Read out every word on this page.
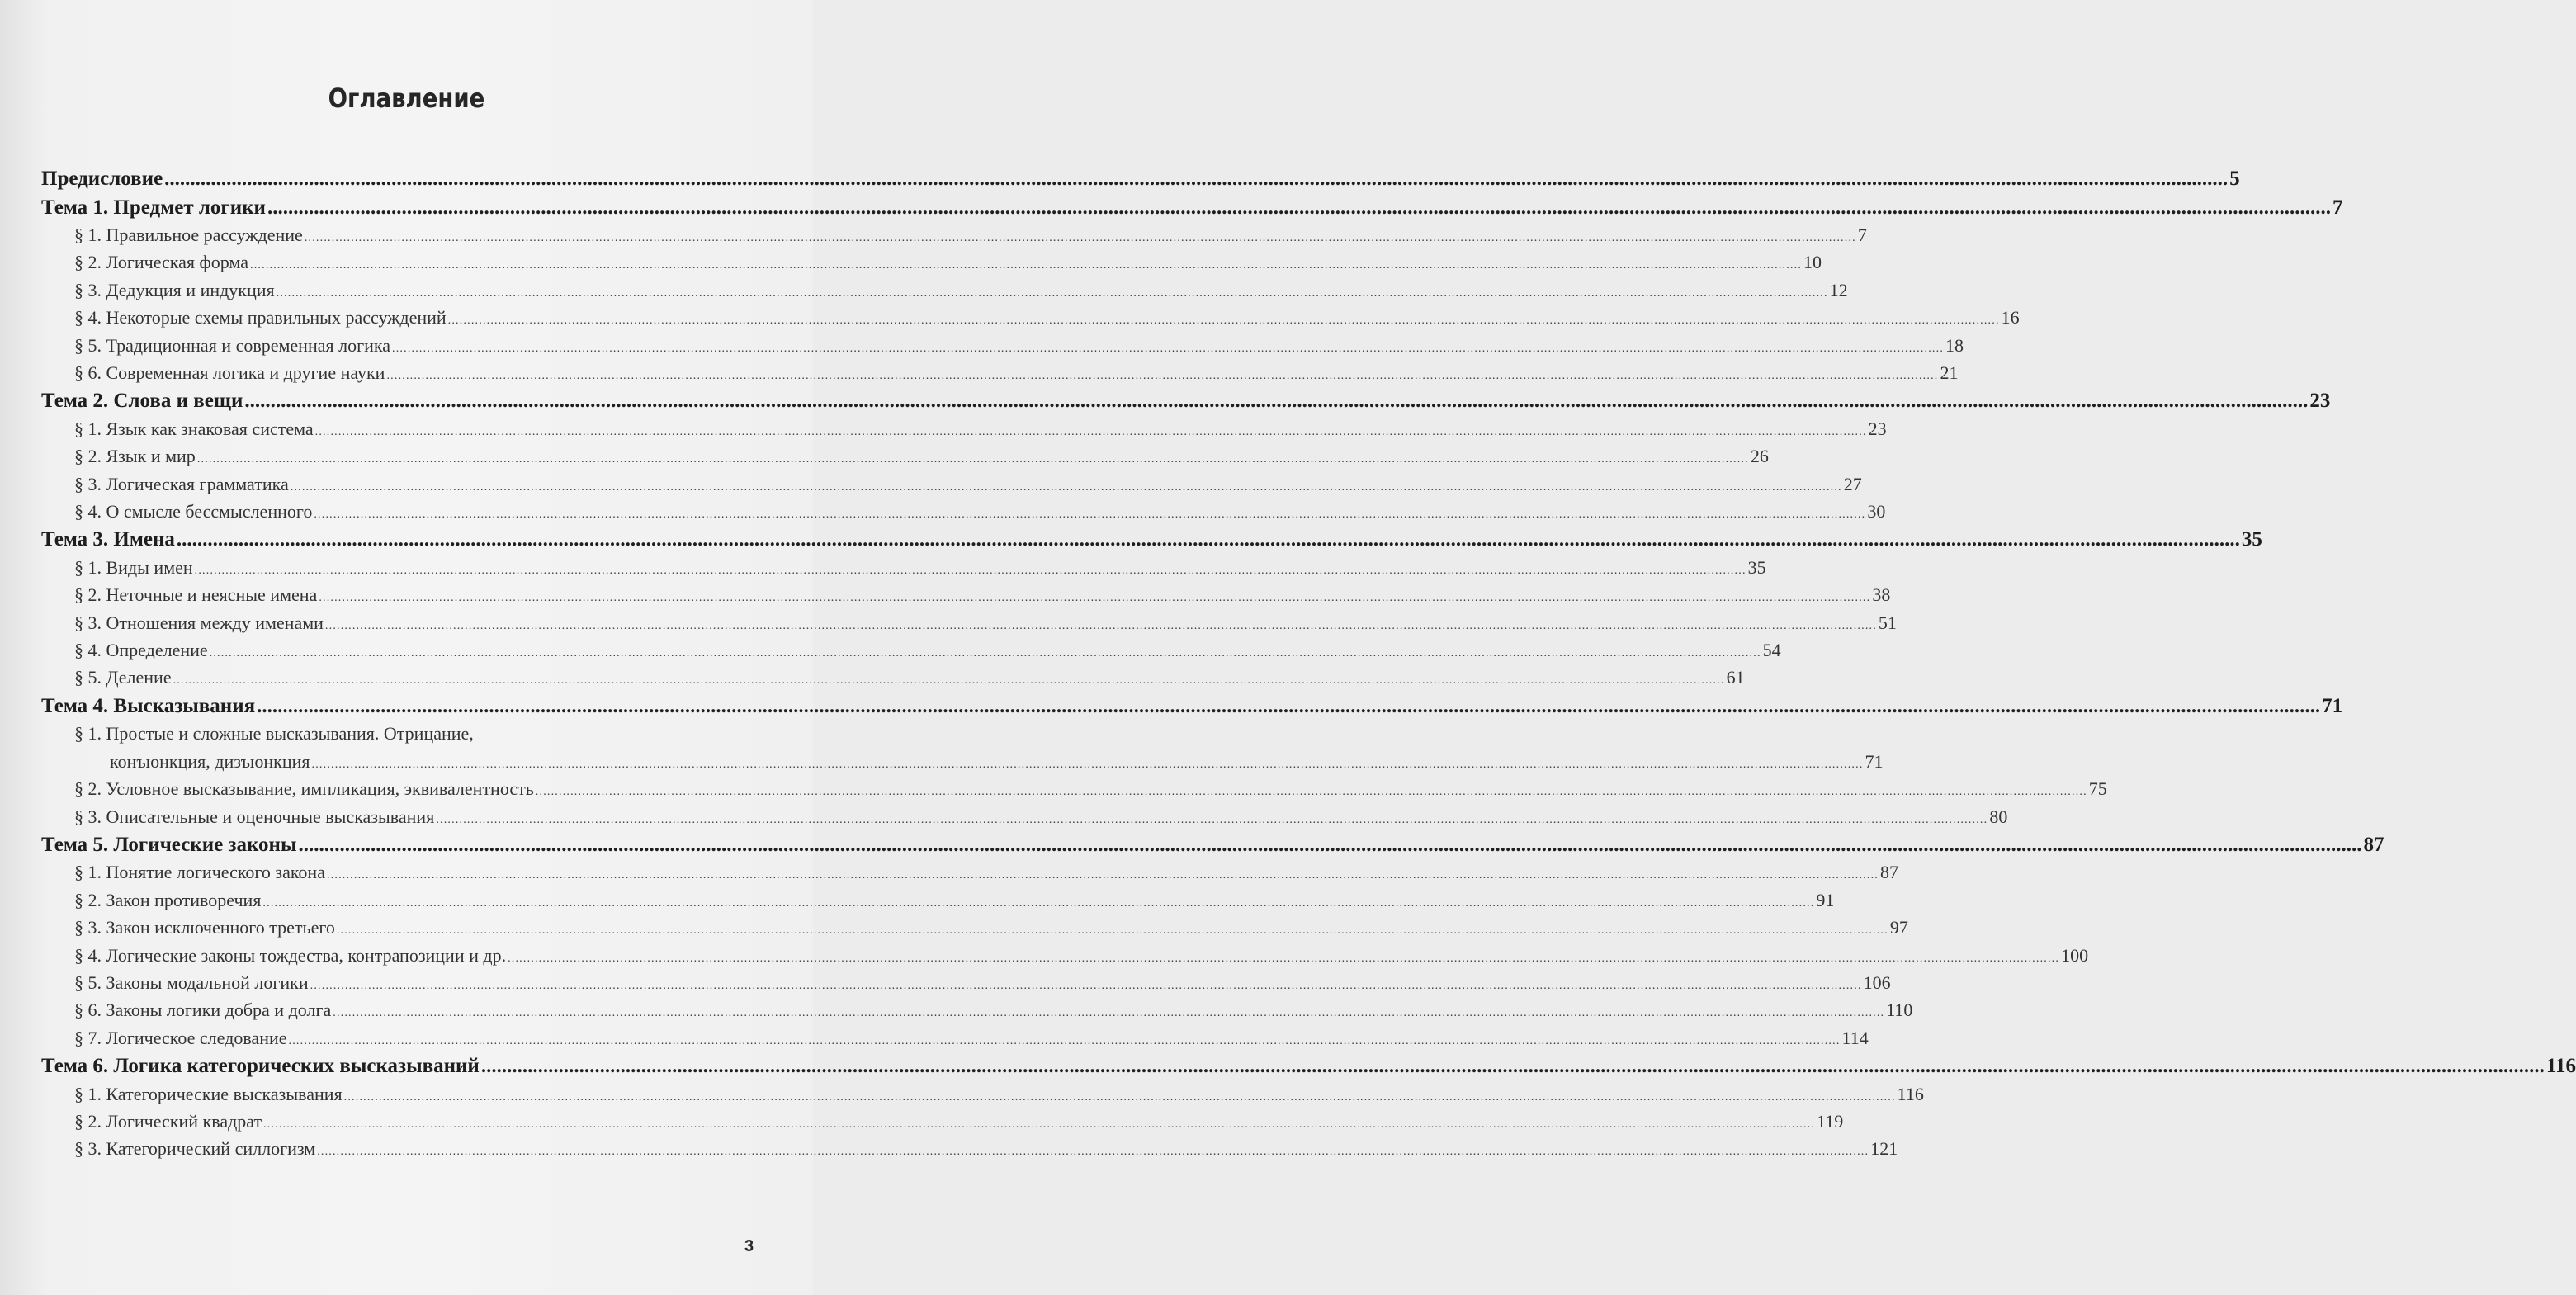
Оглавление
Предисловие ................................................................................................................................................................................................................................................................................................................................................................................................................ 5
Тема 1. Предмет логики ................................................................................................................................................................................................................................................................................................................................................................................................................ 7
§ 1. Правильное рассуждение ................................................................................................................................................................................................................................................................................................................................................................................................................ 7
§ 2. Логическая форма ................................................................................................................................................................................................................................................................................................................................................................................................................ 10
§ 3. Дедукция и индукция ................................................................................................................................................................................................................................................................................................................................................................................................................ 12
§ 4. Некоторые схемы правильных рассуждений ................................................................................................................................................................................................................................................................................................................................................................................................................ 16
§ 5. Традиционная и современная логика ................................................................................................................................................................................................................................................................................................................................................................................................................ 18
§ 6. Современная логика и другие науки ................................................................................................................................................................................................................................................................................................................................................................................................................ 21
Тема 2. Слова и вещи ................................................................................................................................................................................................................................................................................................................................................................................................................ 23
§ 1. Язык как знаковая система ................................................................................................................................................................................................................................................................................................................................................................................................................ 23
§ 2. Язык и мир ................................................................................................................................................................................................................................................................................................................................................................................................................ 26
§ 3. Логическая грамматика ................................................................................................................................................................................................................................................................................................................................................................................................................ 27
§ 4. О смысле бессмысленного ................................................................................................................................................................................................................................................................................................................................................................................................................ 30
Тема 3. Имена ................................................................................................................................................................................................................................................................................................................................................................................................................ 35
§ 1. Виды имен ................................................................................................................................................................................................................................................................................................................................................................................................................ 35
§ 2. Неточные и неясные имена ................................................................................................................................................................................................................................................................................................................................................................................................................ 38
§ 3. Отношения между именами ................................................................................................................................................................................................................................................................................................................................................................................................................ 51
§ 4. Определение ................................................................................................................................................................................................................................................................................................................................................................................................................ 54
§ 5. Деление ................................................................................................................................................................................................................................................................................................................................................................................................................ 61
Тема 4. Высказывания ................................................................................................................................................................................................................................................................................................................................................................................................................ 71
§ 1. Простые и сложные высказывания. Отрицание,
конъюнкция, дизъюнкция ................................................................................................................................................................................................................................................................................................................................................................................................................ 71
§ 2. Условное высказывание, импликация, эквивалентность ................................................................................................................................................................................................................................................................................................................................................................................................................ 75
§ 3. Описательные и оценочные высказывания ................................................................................................................................................................................................................................................................................................................................................................................................................ 80
Тема 5. Логические законы ................................................................................................................................................................................................................................................................................................................................................................................................................ 87
§ 1. Понятие логического закона ................................................................................................................................................................................................................................................................................................................................................................................................................ 87
§ 2. Закон противоречия ................................................................................................................................................................................................................................................................................................................................................................................................................ 91
§ 3. Закон исключенного третьего ................................................................................................................................................................................................................................................................................................................................................................................................................ 97
§ 4. Логические законы тождества, контрапозиции и др. ................................................................................................................................................................................................................................................................................................................................................................................................................ 100
§ 5. Законы модальной логики ................................................................................................................................................................................................................................................................................................................................................................................................................ 106
§ 6. Законы логики добра и долга ................................................................................................................................................................................................................................................................................................................................................................................................................ 110
§ 7. Логическое следование ................................................................................................................................................................................................................................................................................................................................................................................................................ 114
Тема 6. Логика категорических высказываний ................................................................................................................................................................................................................................................................................................................................................................................................................ 116
§ 1. Категорические высказывания ................................................................................................................................................................................................................................................................................................................................................................................................................ 116
§ 2. Логический квадрат ................................................................................................................................................................................................................................................................................................................................................................................................................ 119
§ 3. Категорический силлогизм ................................................................................................................................................................................................................................................................................................................................................................................................................ 121
3
